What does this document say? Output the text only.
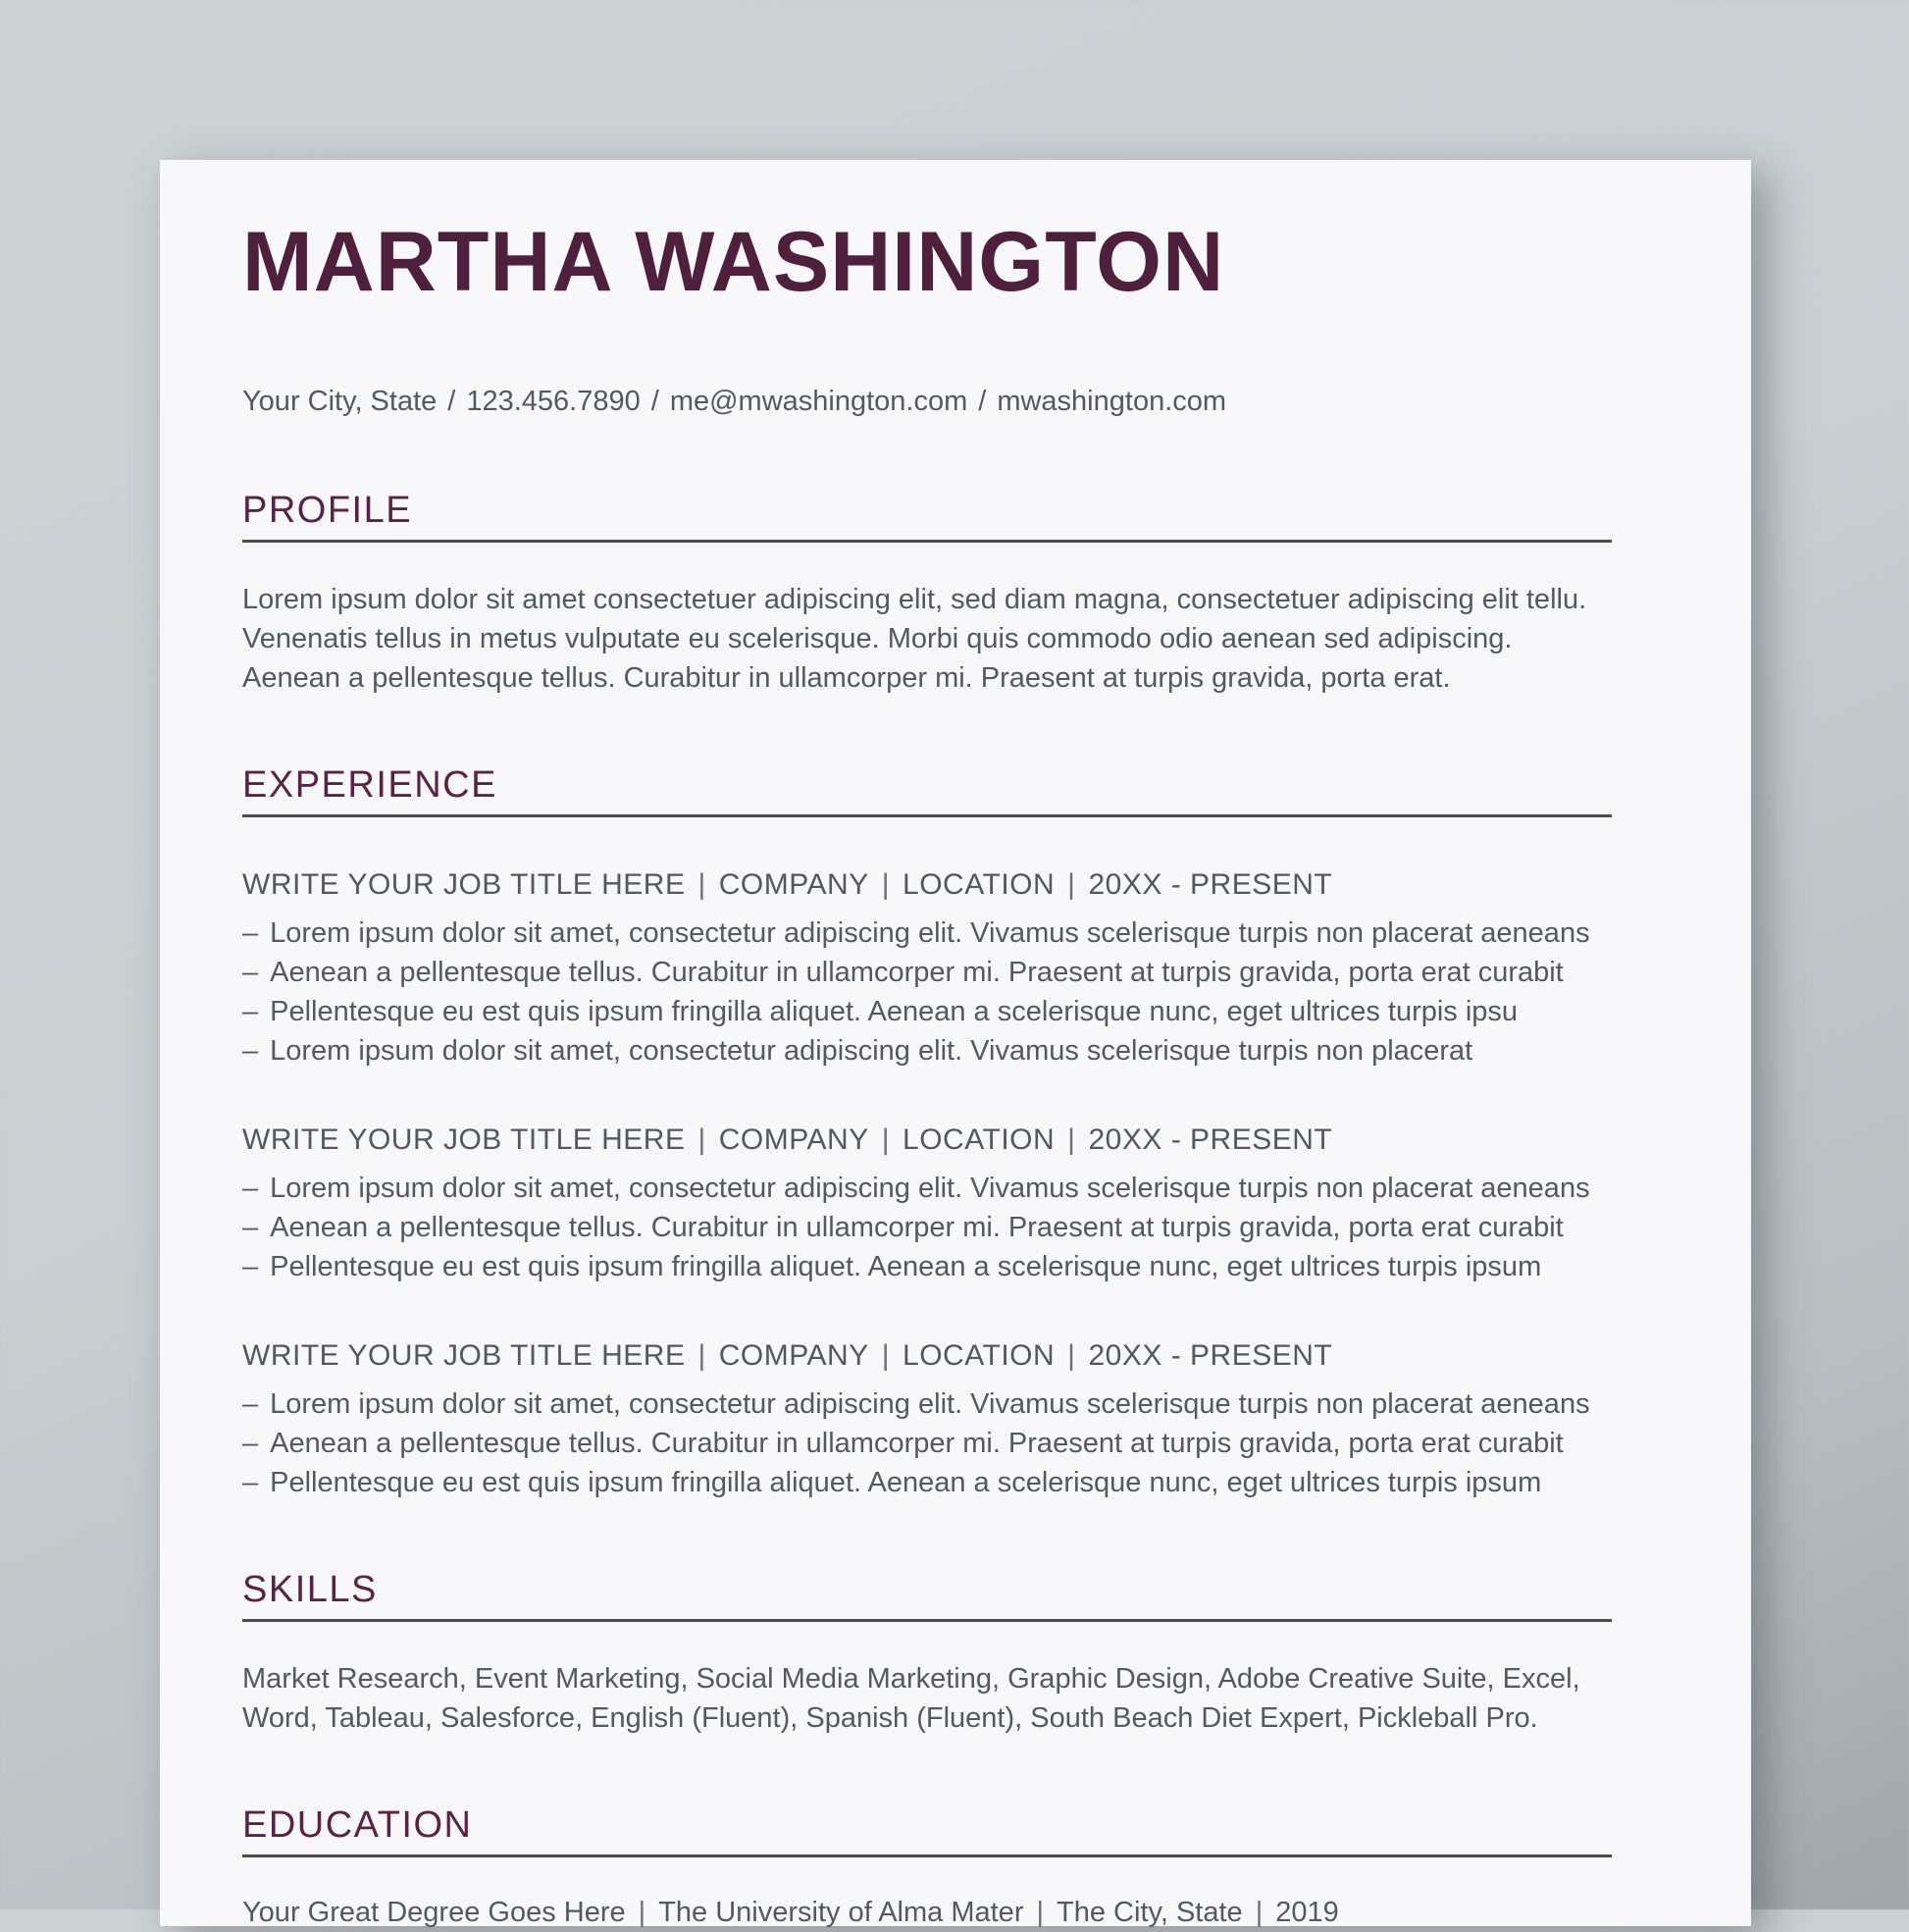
MARTHA WASHINGTON
Your City, State / 123.456.7890 / me@mwashington.com / mwashington.com
PROFILE

Lorem ipsum dolor sit amet consectetuer adipiscing elit, sed diam magna, consectetuer adipiscing elit tellu. Venenatis tellus in metus vulputate eu scelerisque. Morbi quis commodo odio aenean sed adipiscing. Aenean a pellentesque tellus. Curabitur in ullamcorper mi. Praesent at turpis gravida, porta erat.

EXPERIENCE
WRITE YOUR JOB TITLE HERE | COMPANY | LOCATION | 20XX - PRESENT
– Lorem ipsum dolor sit amet, consectetur adipiscing elit. Vivamus scelerisque turpis non placerat aeneans
– Aenean a pellentesque tellus. Curabitur in ullamcorper mi. Praesent at turpis gravida, porta erat curabit
– Pellentesque eu est quis ipsum fringilla aliquet. Aenean a scelerisque nunc, eget ultrices turpis ipsu
– Lorem ipsum dolor sit amet, consectetur adipiscing elit. Vivamus scelerisque turpis non placerat
WRITE YOUR JOB TITLE HERE | COMPANY | LOCATION | 20XX - PRESENT
– Lorem ipsum dolor sit amet, consectetur adipiscing elit. Vivamus scelerisque turpis non placerat aeneans
– Aenean a pellentesque tellus. Curabitur in ullamcorper mi. Praesent at turpis gravida, porta erat curabit
– Pellentesque eu est quis ipsum fringilla aliquet. Aenean a scelerisque nunc, eget ultrices turpis ipsum
WRITE YOUR JOB TITLE HERE | COMPANY | LOCATION | 20XX - PRESENT
– Lorem ipsum dolor sit amet, consectetur adipiscing elit. Vivamus scelerisque turpis non placerat aeneans
– Aenean a pellentesque tellus. Curabitur in ullamcorper mi. Praesent at turpis gravida, porta erat curabit
– Pellentesque eu est quis ipsum fringilla aliquet. Aenean a scelerisque nunc, eget ultrices turpis ipsum
SKILLS

Market Research, Event Marketing, Social Media Marketing, Graphic Design, Adobe Creative Suite, Excel, Word, Tableau, Salesforce, English (Fluent), Spanish (Fluent), South Beach Diet Expert, Pickleball Pro.

EDUCATION
Your Great Degree Goes Here | The University of Alma Mater | The City, State | 2019
